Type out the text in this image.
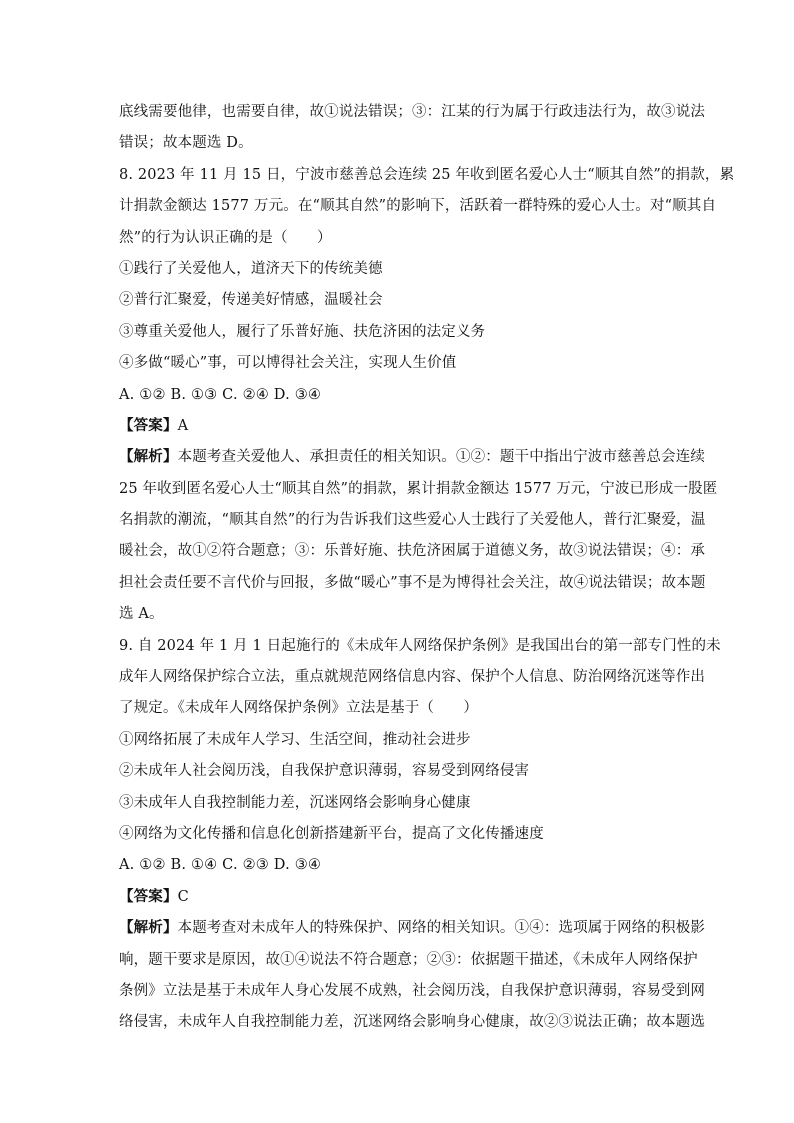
底线需要他律，也需要自律，故①说法错误；③：江某的行为属于行政违法行为，故③说法
错误；故本题选 D。
8. 2023 年 11 月 15 日，宁波市慈善总会连续 25 年收到匿名爱心人士“顺其自然”的捐款，累
计捐款金额达 1577 万元。在“顺其自然”的影响下，活跃着一群特殊的爱心人士。对“顺其自
然”的行为认识正确的是（　　）
①践行了关爱他人，道济天下的传统美德
②普行汇聚爱，传递美好情感，温暖社会
③尊重关爱他人，履行了乐普好施、扶危济困的法定义务
④多做“暖心”事，可以博得社会关注，实现人生价值
A. ①② B. ①③ C. ②④ D. ③④
【答案】A
【解析】本题考查关爱他人、承担责任的相关知识。①②：题干中指出宁波市慈善总会连续
25 年收到匿名爱心人士“顺其自然”的捐款，累计捐款金额达 1577 万元，宁波已形成一股匿
名捐款的潮流，“顺其自然”的行为告诉我们这些爱心人士践行了关爱他人，普行汇聚爱，温
暖社会，故①②符合题意；③：乐普好施、扶危济困属于道德义务，故③说法错误；④：承
担社会责任要不言代价与回报，多做“暖心”事不是为博得社会关注，故④说法错误；故本题
选 A。
9. 自 2024 年 1 月 1 日起施行的《未成年人网络保护条例》是我国出台的第一部专门性的未
成年人网络保护综合立法，重点就规范网络信息内容、保护个人信息、防治网络沉迷等作出
了规定。《未成年人网络保护条例》立法是基于（　　）
①网络拓展了未成年人学习、生活空间，推动社会进步
②未成年人社会阅历浅，自我保护意识薄弱，容易受到网络侵害
③未成年人自我控制能力差，沉迷网络会影响身心健康
④网络为文化传播和信息化创新搭建新平台，提高了文化传播速度
A. ①② B. ①④ C. ②③ D. ③④
【答案】C
【解析】本题考查对未成年人的特殊保护、网络的相关知识。①④：选项属于网络的积极影
响，题干要求是原因，故①④说法不符合题意；②③：依据题干描述，《未成年人网络保护
条例》立法是基于未成年人身心发展不成熟，社会阅历浅，自我保护意识薄弱，容易受到网
络侵害，未成年人自我控制能力差，沉迷网络会影响身心健康，故②③说法正确；故本题选
